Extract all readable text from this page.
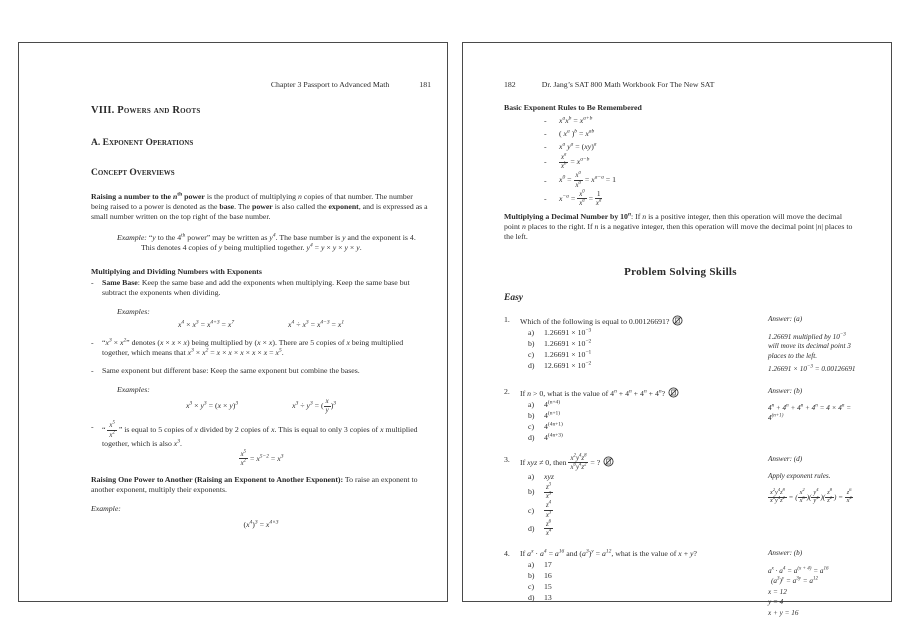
Chapter 3 Passport to Advanced Math	181
VIII. Powers and Roots
A. Exponent Operations
Concept Overviews
Raising a number to the $n^{th}$ power is the product of multiplying n copies of that number. The number being raised to a power is denoted as the base. The power is also called the exponent, and is expressed as a small number written on the top right of the base number.
Example: “y to the 4th power” may be written as $y^4$. The base number is y and the exponent is 4. This denotes 4 copies of y being multiplied together. $y^4 = y \times y \times y \times y$.
Multiplying and Dividing Numbers with Exponents
-	Same Base: Keep the same base and add the exponents when multiplying. Keep the same base but subtract the exponents when dividing.
Examples:
$x^4 \times x^3 = x^{4+3} = x^7$	$x^4 \div x^3 = x^{4-3} = x^1$
-	“$x^3 \times x^2$” denotes (x × x × x) being multiplied by (x × x). There are 5 copies of x being multiplied together, which means that $x^3 \times x^2 = x \times x \times x \times x \times x = x^5$.
-	Same exponent but different base: Keep the same exponent but combine the bases.
Examples:
$x^3 \times y^3 = (x \times y)^3$	$x^3 \div y^3$ = ( $\frac{x}{y} )^3$
-	“ $\frac{x^5}{x^2}$ ” is equal to 5 copies of x divided by 2 copies of x. This is equal to only 3 copies of x multiplied together, which is also $x^3$.
$\frac{x^5}{x^2} = x^{5-2} = x^3$
Raising One Power to Another (Raising an Exponent to Another Exponent): To raise an exponent to another exponent, multiply their exponents.
Example:
$(x^4)^3 = x^{4\times 3}$
182	Dr. Jang’s SAT 800 Math Workbook For The New SAT
Basic Exponent Rules to Be Remembered
-	$x^ax^b = x^{a+b}$
-	( $x^a$ )$^b = x^{ab}$
-	$x^a$ $y^a = (xy)^a$
-	$\frac{x^a}{x^b} = x^{a-b}$
-	$x^0 = \frac{x^a}{x^a} = x^{a-a} = 1$
-	$x^{-a} = \frac{x^0}{x^a} = \frac{1}{x^a}$
Multiplying a Decimal Number by 10$^n$: If n is a positive integer, then this operation will move the decimal point n places to the right. If n is a negative integer, then this operation will move the decimal point |n| places to the left.
Problem Solving Skills
Easy
1.	Which of the following is equal to 0.00126691?
a)	$1.26691 \times 10^{-3}$
b)	$1.26691 \times 10^{-2}$
c)	$1.26691 \times 10^{-1}$
d)	$12.6691 \times 10^{-2}$
Answer: (a)

1.26691 multiplied by $10^{-3}$ will move its decimal point 3 places to the left.

$1.26691 \times 10^{-3} = 0.00126691$

2.	If n > 0, what is the value of $4^n + 4^n + 4^n + 4^n$?
a)	$4^{(n+4)}$
b)	$4^{(n+1)}$
c)	$4^{(4n+1)}$
d)	$4^{(4n+3)}$
Answer: (b)

$4^n + 4^n + 4^n + 4^n = 4 \times 4^n = 4^{(n+1)}$

3.	If xyz ≠ 0, then $\frac{x^2y^4z^8}{x^6y^4z^2}$ = ?
a)	xyz
b)	$\frac{z^3}{x^3}$
c)	$\frac{z^4}{x^3}$
d)	$\frac{z^6}{x^4}$
Answer: (d)

Apply exponent rules.

$\frac{x^2y^4z^8}{x^6y^4z^2}$ = ( $\frac{x^2}{x^6}$ )( $\frac{y^4}{y^4}$ )( $\frac{z^8}{z^2}$ ) = $\frac{z^6}{x^4}$

4.	If $a^x \cdot a^4 = a^{16}$ and $(a^3)^y = a^{12}$, what is the value of x + y?
a)	17
b)	16
c)	15
d)	13
Answer: (b)

$a^x \cdot a^4 = a^{(x + 4)} = a^{16}$

$(a^3)^y = a^{3y} = a^{12}$

x = 12

y = 4

x + y = 16
